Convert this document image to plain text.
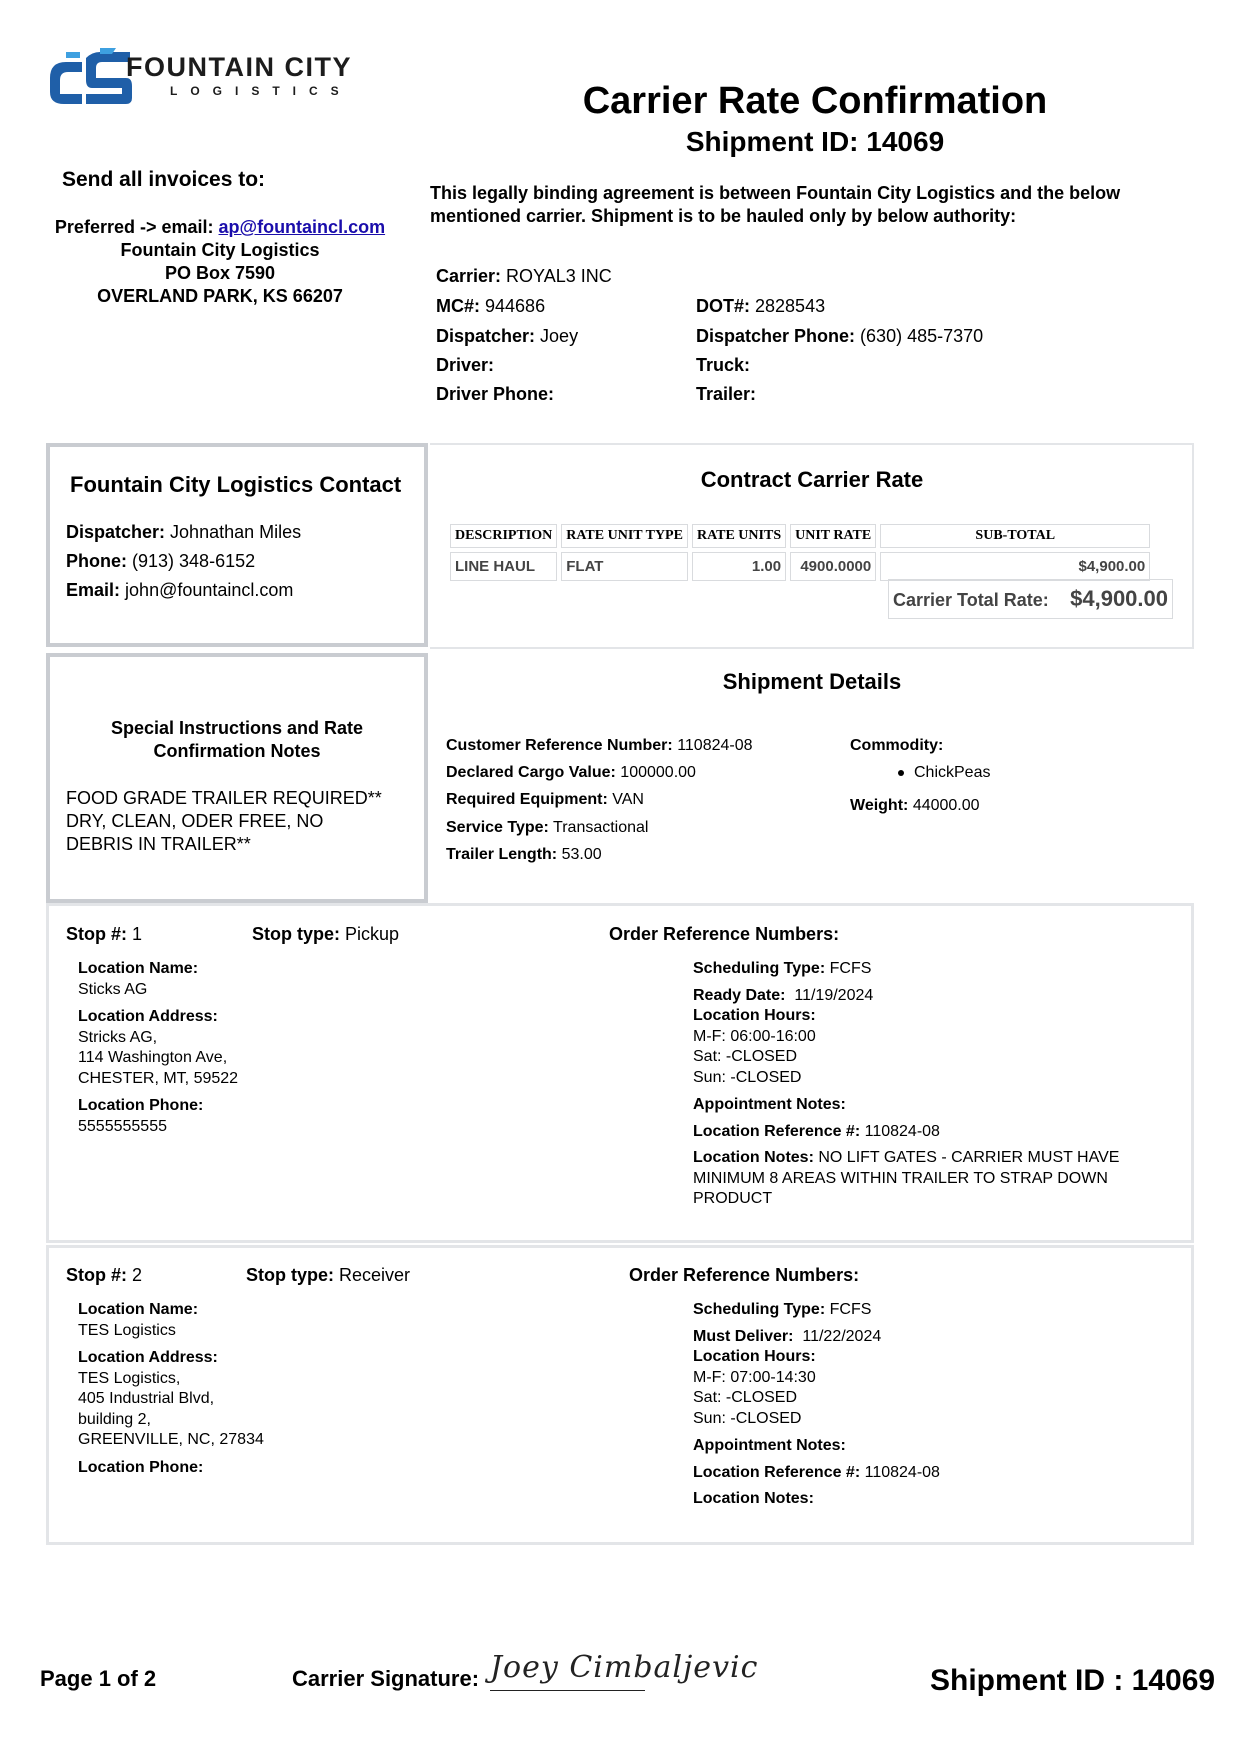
FOUNTAIN CITY
LOGISTICS	Carrier Rate Confirmation
Shipment ID: 14069
Send all invoices to:
Preferred -> email: ap@fountaincl.com
Fountain City Logistics
PO Box 7590
OVERLAND PARK, KS 66207
This legally binding agreement is between Fountain City Logistics and the below mentioned carrier. Shipment is to be hauled only by below authority:
Carrier: ROYAL3 INC
MC#: 944686	DOT#: 2828543
Dispatcher: Joey	Dispatcher Phone: (630) 485-7370
Driver:	Truck:
Driver Phone:	Trailer:
Fountain City Logistics Contact
Dispatcher: Johnathan Miles
Phone: (913) 348-6152
Email: john@fountaincl.com
Contract Carrier Rate
DESCRIPTION	RATE UNIT TYPE	RATE UNITS	UNIT RATE	SUB-TOTAL
LINE HAUL	FLAT	1.00	4900.0000	$4,900.00
Carrier Total Rate: $4,900.00
Special Instructions and Rate
Confirmation Notes
FOOD GRADE TRAILER REQUIRED**
DRY, CLEAN, ODER FREE, NO
DEBRIS IN TRAILER**
Shipment Details
Customer Reference Number: 110824-08
Declared Cargo Value: 100000.00
Required Equipment: VAN
Service Type: Transactional
Trailer Length: 53.00
Commodity:
ChickPeas
Weight: 44000.00
Stop #: 1	Stop type: Pickup	Order Reference Numbers:
Location Name:
Sticks AG
Location Address:
Stricks AG,
114 Washington Ave,
CHESTER, MT, 59522
Location Phone:
5555555555
Scheduling Type: FCFS
Ready Date: 11/19/2024
Location Hours:
M-F: 06:00-16:00
Sat: -CLOSED
Sun: -CLOSED
Appointment Notes:
Location Reference #: 110824-08
Location Notes: NO LIFT GATES - CARRIER MUST HAVE
MINIMUM 8 AREAS WITHIN TRAILER TO STRAP DOWN
PRODUCT
Stop #: 2	Stop type: Receiver	Order Reference Numbers:
Location Name:
TES Logistics
Location Address:
TES Logistics,
405 Industrial Blvd,
building 2,
GREENVILLE, NC, 27834
Location Phone:
Scheduling Type: FCFS
Must Deliver: 11/22/2024
Location Hours:
M-F: 07:00-14:30
Sat: -CLOSED
Sun: -CLOSED
Appointment Notes:
Location Reference #: 110824-08
Location Notes:
Page 1 of 2	Carrier Signature: Joey Cimbaljevic	Shipment ID : 14069
